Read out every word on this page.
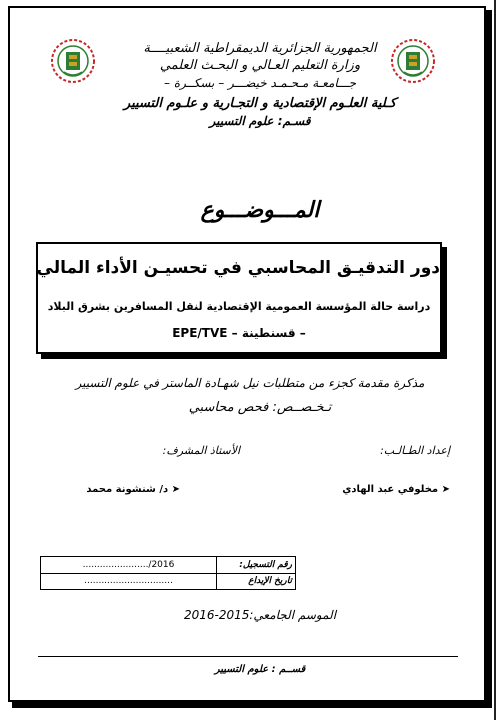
الجمهورية الجزائرية الديمقراطية الشعبيــــة
وزارة التعليم العـالي و البحـث العلمي
جـــامعـة مـحـمـد خيضـــر – بسكــرة –
كـلية العلـوم الإقتصادية و التجـارية و علـوم التسيير
قسـم: علوم التسيير
المـــوضـــوع
دور التدقيـق المحاسبي في تحسيـن الأداء المالي
دراسة حالة المؤسسة العمومية الإقتصادية لنقل المسافرين بشرق البلاد
– قسنطينة – EPE/TVE
مذكرة مقدمة كجزء من متطلبات نيل شهـادة الماستر في علوم التسيير
تـخـصــص: فحص محاسبي
إعداد الطـالـب:
الأستاذ المشرف:
➤ مخلوفي عبد الهادي
➤ د/ شنشونة محمد
......................./2016	رقم التسجيل:
...............................	تاريخ الإيداع
الموسم الجامعي:2015-2016
قســم : علوم التسيير
